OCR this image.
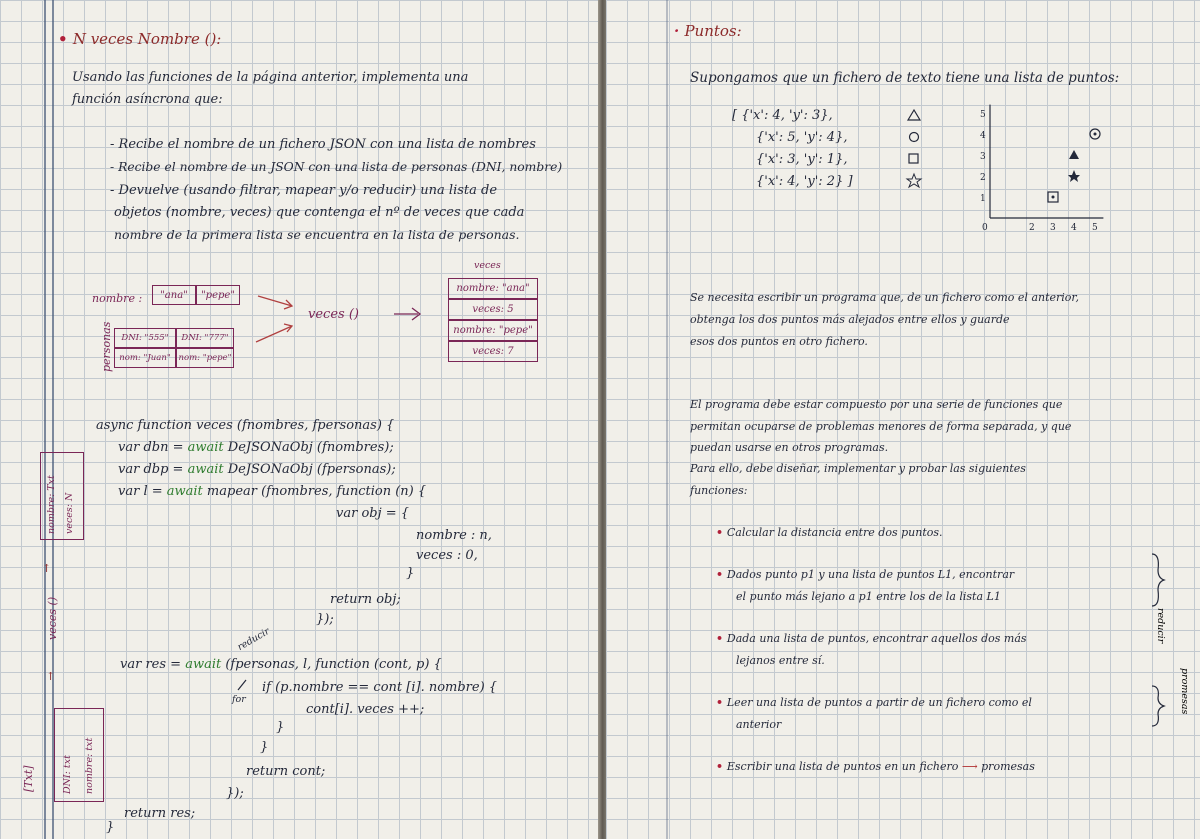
• N veces Nombre ():
Usando las funciones de la página anterior, implementa una
función asíncrona que:
- Recibe el nombre de un fichero JSON con una lista de nombres
- Recibe el nombre de un JSON con una lista de personas (DNI, nombre)
- Devuelve (usando filtrar, mapear y/o reducir) una lista de
objetos (nombre, veces) que contenga el nº de veces que cada
nombre de la primera lista se encuentra en la lista de personas.
nombre :	"ana"	"pepe"
personas DNI: "555"	DNI: "777"
nom: "Juan" nom: "pepe"
veces ()
veces
nombre: "ana"
veces: 5
nombre: "pepe"
veces: 7
async function veces (fnombres, fpersonas) {
var dbn = await DeJSONaObj (fnombres);
var dbp = await DeJSONaObj (fpersonas);
var l = await mapear (fnombres, function (n) {
var obj = {
nombre : n,
veces : 0,
}
return obj;
});
reducir
var res = await (fpersonas, l, function (cont, p) {
for
if (p.nombre == cont [i]. nombre) {
cont[i]. veces ++;
}
}
return cont;
});
return res;
}
nombre: Txt veces: N
↑
veces ()
↑
DNI: txt nombre: txt
[Txt]
· Puntos:
Supongamos que un fichero de texto tiene una lista de puntos:
[ {'x': 4, 'y': 3},
{'x': 5, 'y': 4},
{'x': 3, 'y': 1},
{'x': 4, 'y': 2} ]
0	2 3 4 5
5
4
3
2
1
Se necesita escribir un programa que, de un fichero como el anterior,
obtenga los dos puntos más alejados entre ellos y guarde
esos dos puntos en otro fichero.
El programa debe estar compuesto por una serie de funciones que
permitan ocuparse de problemas menores de forma separada, y que
puedan usarse en otros programas.
Para ello, debe diseñar, implementar y probar las siguientes
funciones:
• Calcular la distancia entre dos puntos.
• Dados punto p1 y una lista de puntos L1, encontrar
el punto más lejano a p1 entre los de la lista L1
• Dada una lista de puntos, encontrar aquellos dos más
lejanos entre sí.
• Leer una lista de puntos a partir de un fichero como el
anterior
• Escribir una lista de puntos en un fichero ⟶ promesas
reducir
promesas
